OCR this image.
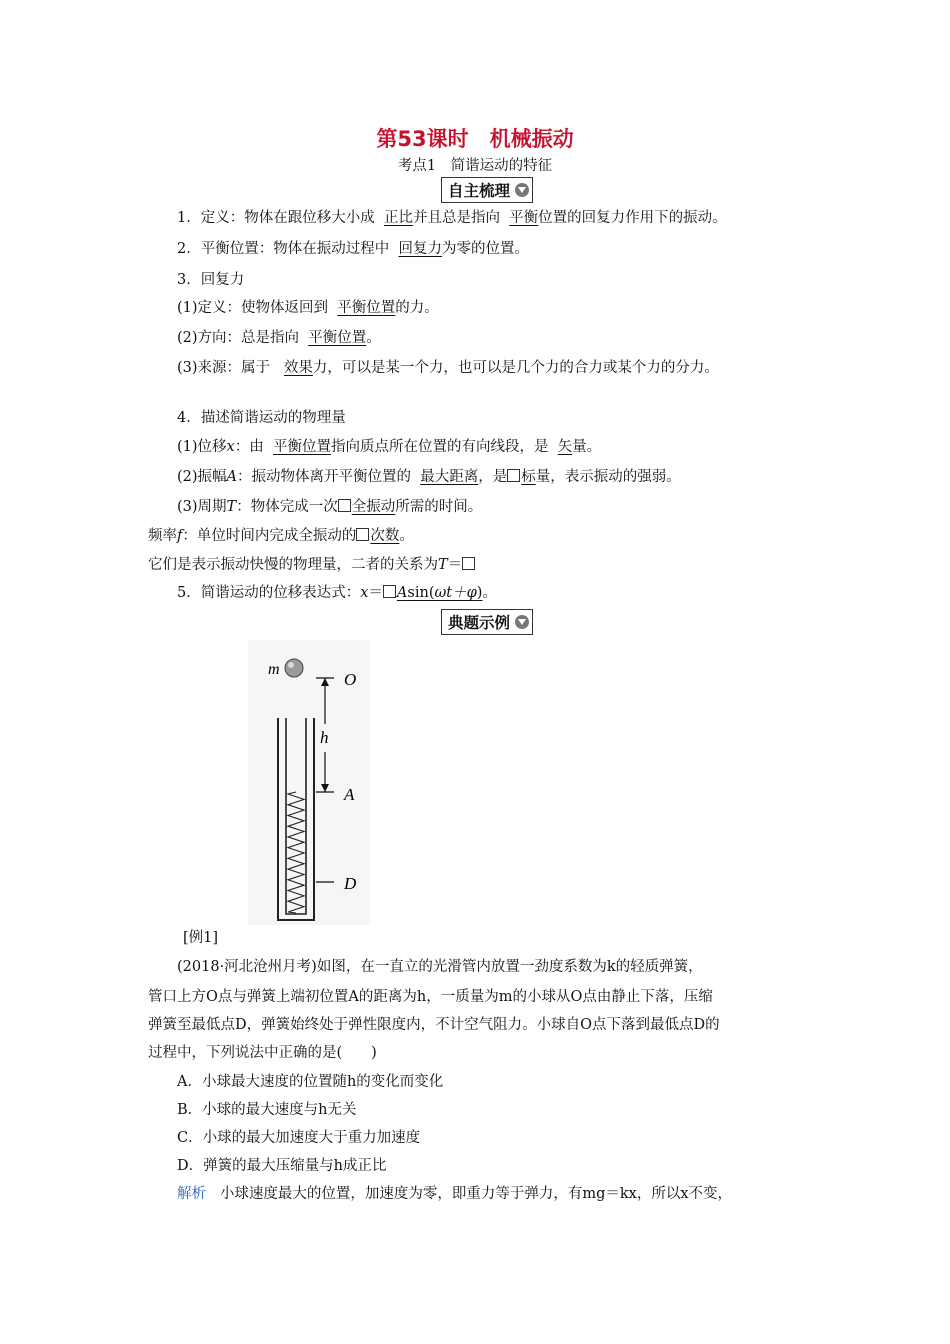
第53课时　机械振动
考点1　简谐运动的特征
自主梳理
1．定义：物体在跟位移大小成 正比并且总是指向 平衡位置的回复力作用下的振动。
2．平衡位置：物体在振动过程中 回复力为零的位置。
3．回复力
(1)定义：使物体返回到 平衡位置的力。
(2)方向：总是指向 平衡位置。
(3)来源：属于 效果力，可以是某一个力，也可以是几个力的合力或某个力的分力。
4．描述简谐运动的物理量
(1)位移x：由 平衡位置指向质点所在位置的有向线段，是 矢量。
(2)振幅A：振动物体离开平衡位置的 最大距离，是 标量，表示振动的强弱。
(3)周期T：物体完成一次 全振动所需的时间。
频率f：单位时间内完成全振动的 次数。
它们是表示振动快慢的物理量，二者的关系为T＝
5．简谐运动的位移表达式：x＝ Asin(ωt＋φ)。
典题示例
m
O
h
A
D
[例1]
(2018·河北沧州月考)如图，在一直立的光滑管内放置一劲度系数为k的轻质弹簧，
管口上方O点与弹簧上端初位置A的距离为h，一质量为m的小球从O点由静止下落，压缩
弹簧至最低点D，弹簧始终处于弹性限度内，不计空气阻力。小球自O点下落到最低点D的
过程中，下列说法中正确的是(　　)
A．小球最大速度的位置随h的变化而变化
B．小球的最大速度与h无关
C．小球的最大加速度大于重力加速度
D．弹簧的最大压缩量与h成正比
解析 小球速度最大的位置，加速度为零，即重力等于弹力，有mg＝kx，所以x不变，
